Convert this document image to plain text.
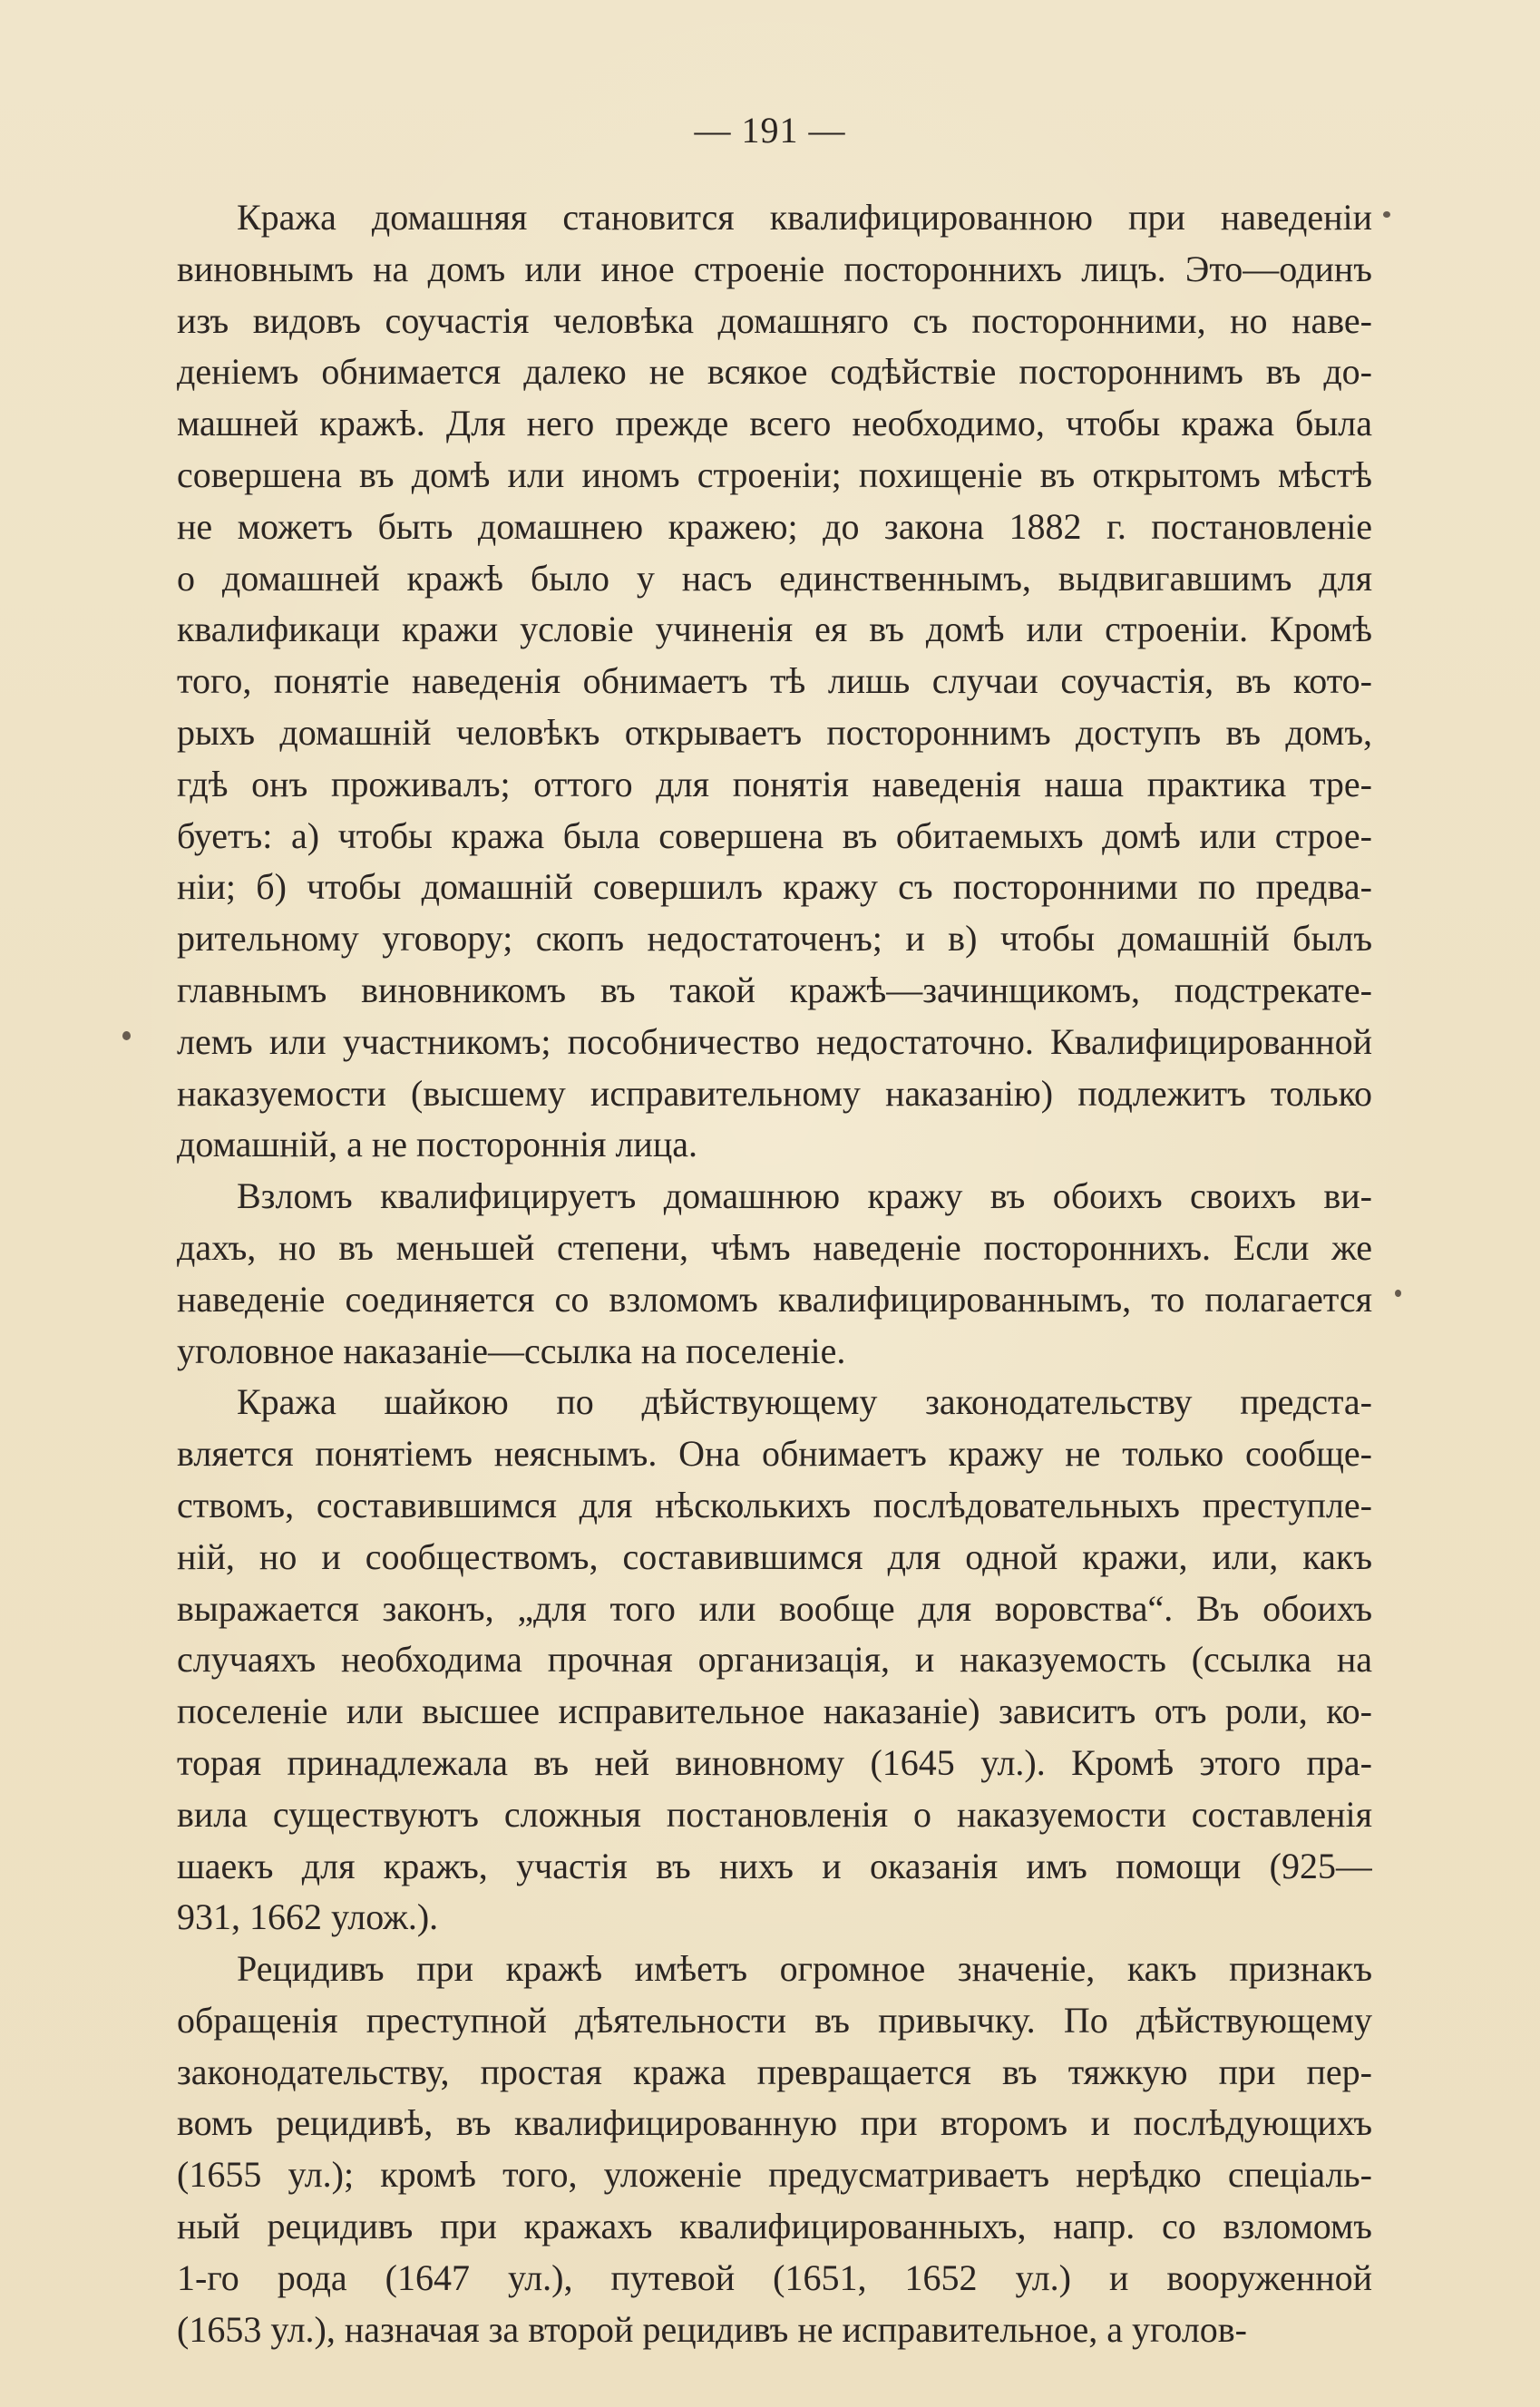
— 191 —
Кража домашняя становится квалифицированною при наведенiи
виновнымъ на домъ или иное строенiе постороннихъ лицъ. Это—одинъ
изъ видовъ соучастiя человѣка домашняго съ посторонними, но наве-
денiемъ обнимается далеко не всякое содѣйствiе постороннимъ въ до-
машней кражѣ. Для него прежде всего необходимо, чтобы кража была
совершена въ домѣ или иномъ строенiи; похищенiе въ открытомъ мѣстѣ
не можетъ быть домашнею кражею; до закона 1882 г. постановленiе
о домашней кражѣ было у насъ единственнымъ, выдвигавшимъ для
квалификаци кражи условiе учиненiя ея въ домѣ или строенiи. Кромѣ
того, понятiе наведенiя обнимаетъ тѣ лишь случаи соучастiя, въ кото-
рыхъ домашнiй человѣкъ открываетъ постороннимъ доступъ въ домъ,
гдѣ онъ проживалъ; оттого для понятiя наведенiя наша практика тре-
буетъ: а) чтобы кража была совершена въ обитаемыхъ домѣ или строе-
нiи; б) чтобы домашнiй совершилъ кражу съ посторонними по предва-
рительному уговору; скопъ недостаточенъ; и в) чтобы домашнiй былъ
главнымъ виновникомъ въ такой кражѣ—зачинщикомъ, подстрекате-
лемъ или участникомъ; пособничество недостаточно. Квалифицированной
наказуемости (высшему исправительному наказанiю) подлежитъ только
домашнiй, а не постороннiя лица.
Взломъ квалифицируетъ домашнюю кражу въ обоихъ своихъ ви-
дахъ, но въ меньшей степени, чѣмъ наведенiе постороннихъ. Если же
наведенiе соединяется со взломомъ квалифицированнымъ, то полагается
уголовное наказанiе—ссылка на поселенiе.
Кража шайкою по дѣйствующему законодательству предста-
вляется понятiемъ неяснымъ. Она обнимаетъ кражу не только сообще-
ствомъ, составившимся для нѣсколькихъ послѣдовательныхъ преступле-
нiй, но и сообществомъ, составившимся для одной кражи, или, какъ
выражается законъ, „для того или вообще для воровства“. Въ обоихъ
случаяхъ необходима прочная организацiя, и наказуемость (ссылка на
поселенiе или высшее исправительное наказанiе) зависитъ отъ роли, ко-
торая принадлежала въ ней виновному (1645 ул.). Кромѣ этого пра-
вила существуютъ сложныя постановленiя о наказуемости составленiя
шаекъ для кражъ, участiя въ нихъ и оказанiя имъ помощи (925—
931, 1662 улож.).
Рецидивъ при кражѣ имѣетъ огромное значенiе, какъ признакъ
обращенiя преступной дѣятельности въ привычку. По дѣйствующему
законодательству, простая кража превращается въ тяжкую при пер-
вомъ рецидивѣ, въ квалифицированную при второмъ и послѣдующихъ
(1655 ул.); кромѣ того, уложенiе предусматриваетъ нерѣдко спецiаль-
ный рецидивъ при кражахъ квалифицированныхъ, напр. со взломомъ
1-го рода (1647 ул.), путевой (1651, 1652 ул.) и вооруженной
(1653 ул.), назначая за второй рецидивъ не исправительное, а уголов-
